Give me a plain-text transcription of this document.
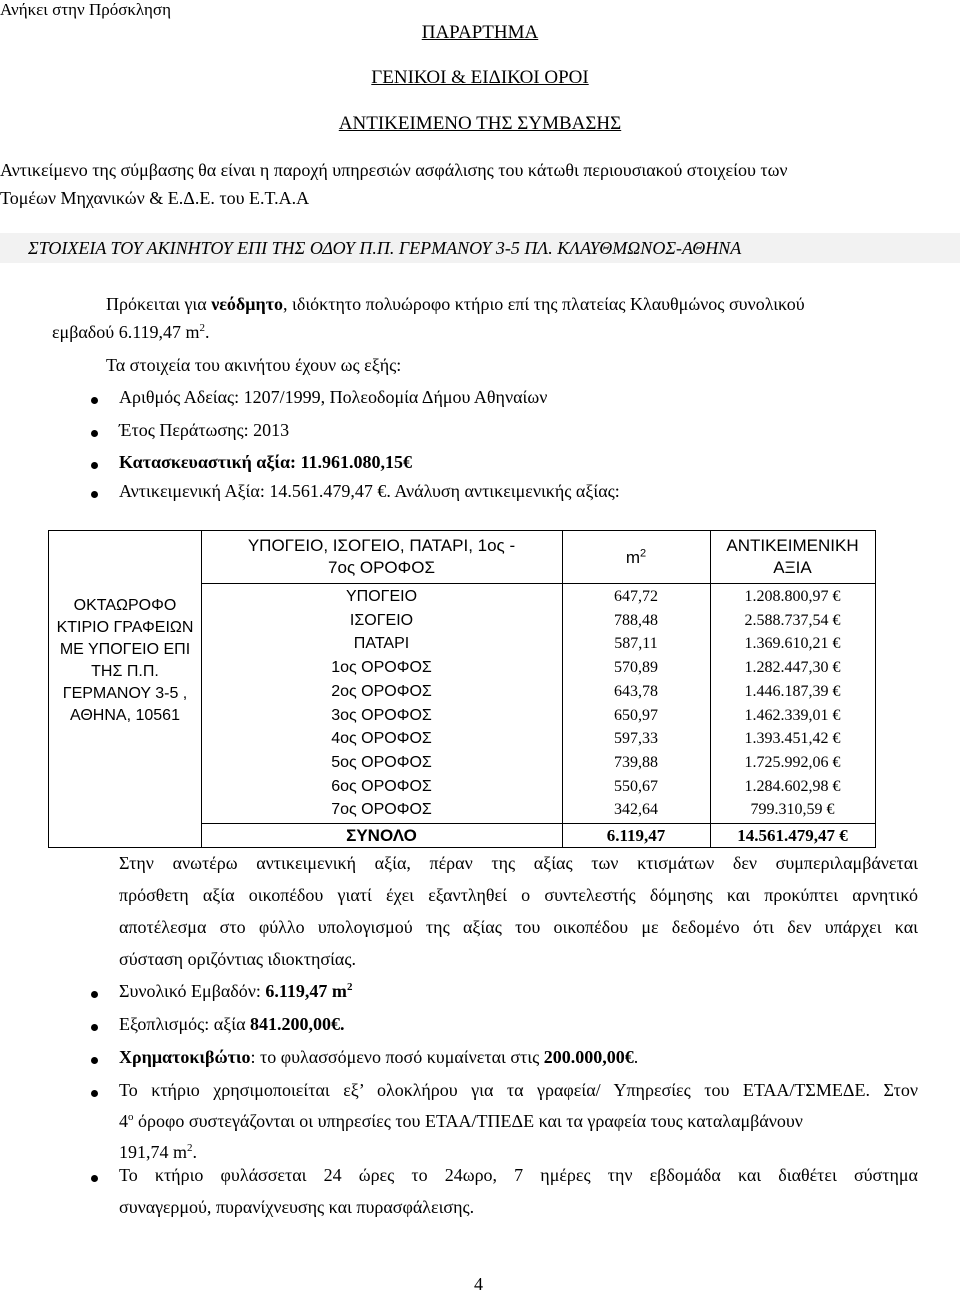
Ανήκει στην Πρόσκληση
ΠΑΡΑΡΤΗΜΑ
ΓΕΝΙΚΟΙ & ΕΙΔΙΚΟΙ ΟΡΟΙ
ΑΝΤΙΚΕΙΜΕΝΟ ΤΗΣ ΣΥΜΒΑΣΗΣ
Αντικείμενο της σύμβασης θα είναι η παροχή υπηρεσιών ασφάλισης του κάτωθι περιουσιακού στοιχείου των
Τομέων Μηχανικών & Ε.Δ.Ε. του Ε.Τ.Α.Α
ΣΤΟΙΧΕΙΑ ΤΟΥ ΑΚΙΝΗΤΟΥ ΕΠΙ ΤΗΣ ΟΔΟΥ Π.Π. ΓΕΡΜΑΝΟΥ 3-5 ΠΛ. ΚΛΑΥΘΜΩΝΟΣ-ΑΘΗΝΑ
Πρόκειται για νεόδμητο, ιδιόκτητο πολυώροφο κτήριο επί της πλατείας Κλαυθμώνος συνολικού
εμβαδού 6.119,47 $m^2$.
Τα στοιχεία του ακινήτου έχουν ως εξής:
Αριθμός Αδείας: 1207/1999, Πολεοδομία Δήμου Αθηναίων
Έτος Περάτωσης: 2013
Κατασκευαστική αξία: 11.961.080,15€
Αντικειμενική Αξία: 14.561.479,47 €. Ανάλυση αντικειμενικής αξίας:
ΟΚΤΑΩΡΟΦΟ ΚΤΙΡΙΟ ΓΡΑΦΕΙΩΝ ΜΕ ΥΠΟΓΕΙΟ ΕΠΙ ΤΗΣ Π.Π. ΓΕΡΜΑΝΟΥ 3-5 , ΑΘΗΝΑ, 10561
ΥΠΟΓΕΙΟ, ΙΣΟΓΕΙΟ, ΠΑΤΑΡΙ, 1ος -
7ος ΟΡΟΦΟΣ
$m^2$	ΑΝΤΙΚΕΙΜΕΝΙΚΗ
ΑΞΙΑ
ΥΠΟΓΕΙΟ	647,72	1.208.800,97 €
ΙΣΟΓΕΙΟ	788,48	2.588.737,54 €
ΠΑΤΑΡΙ	587,11	1.369.610,21 €
1ος ΟΡΟΦΟΣ	570,89	1.282.447,30 €
2ος ΟΡΟΦΟΣ	643,78	1.446.187,39 €
3ος ΟΡΟΦΟΣ	650,97	1.462.339,01 €
4ος ΟΡΟΦΟΣ	597,33	1.393.451,42 €
5ος ΟΡΟΦΟΣ	739,88	1.725.992,06 €
6ος ΟΡΟΦΟΣ	550,67	1.284.602,98 €
7ος ΟΡΟΦΟΣ	342,64	799.310,59 €
ΣΥΝΟΛΟ	6.119,47	14.561.479,47 €
Στην ανωτέρω αντικειμενική αξία, πέραν της αξίας των κτισμάτων δεν συμπεριλαμβάνεται
πρόσθετη αξία οικοπέδου γιατί έχει εξαντληθεί ο συντελεστής δόμησης και προκύπτει αρνητικό
αποτέλεσμα στο φύλλο υπολογισμού της αξίας του οικοπέδου με δεδομένο ότι δεν υπάρχει και
σύσταση οριζόντιας ιδιοκτησίας.
Συνολικό Εμβαδόν: 6.119,47 $m^2$
Εξοπλισμός: αξία 841.200,00€.
Χρηματοκιβώτιο: το φυλασσόμενο ποσό κυμαίνεται στις 200.000,00€.
Το κτήριο χρησιμοποιείται εξ’ ολοκλήρου για τα γραφεία/ Υπηρεσίες του ΕΤΑΑ/ΤΣΜΕΔΕ. Στον
$4^o$ όροφο συστεγάζονται οι υπηρεσίες του ΕΤΑΑ/ΤΠΕΔΕ και τα γραφεία τους καταλαμβάνουν
191,74 $m^2$.
Το κτήριο φυλάσσεται 24 ώρες το 24ωρο, 7 ημέρες την εβδομάδα και διαθέτει σύστημα
συναγερμού, πυρανίχνευσης και πυρασφάλεισης.
4
